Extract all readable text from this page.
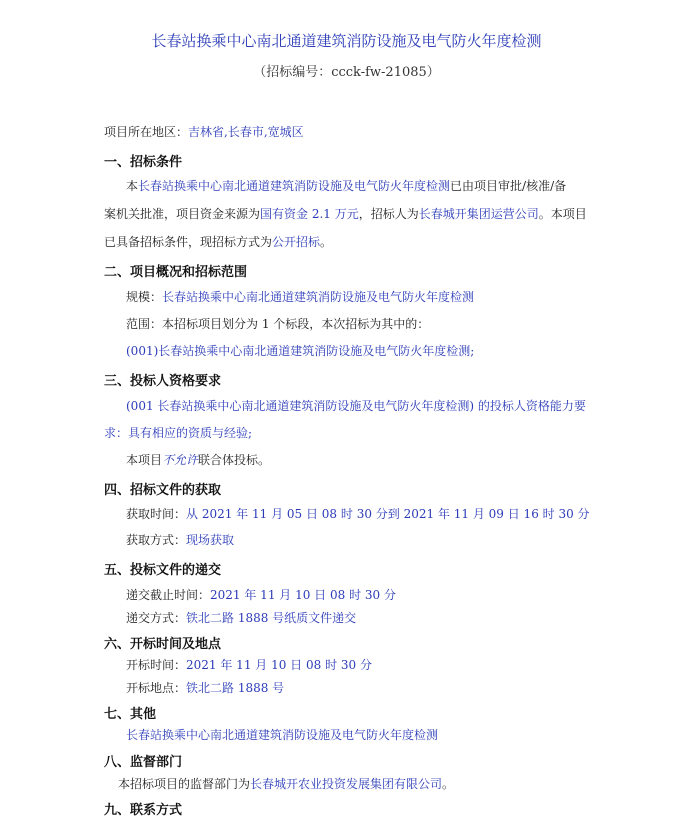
长春站换乘中心南北通道建筑消防设施及电气防火年度检测
（招标编号：ccck-fw-21085）
项目所在地区：吉林省,长春市,宽城区
一、招标条件
本长春站换乘中心南北通道建筑消防设施及电气防火年度检测已由项目审批/核准/备
案机关批准，项目资金来源为国有资金 2.1 万元，招标人为长春城开集团运营公司。本项目
已具备招标条件，现招标方式为公开招标。
二、项目概况和招标范围
规模：长春站换乘中心南北通道建筑消防设施及电气防火年度检测
范围：本招标项目划分为 1 个标段，本次招标为其中的：
(001)长春站换乘中心南北通道建筑消防设施及电气防火年度检测;
三、投标人资格要求
(001 长春站换乘中心南北通道建筑消防设施及电气防火年度检测) 的投标人资格能力要
求：具有相应的资质与经验;
本项目不允许联合体投标。
四、招标文件的获取
获取时间：从 2021 年 11 月 05 日 08 时 30 分到 2021 年 11 月 09 日 16 时 30 分
获取方式：现场获取
五、投标文件的递交
递交截止时间：2021 年 11 月 10 日 08 时 30 分
递交方式：铁北二路 1888 号纸质文件递交
六、开标时间及地点
开标时间：2021 年 11 月 10 日 08 时 30 分
开标地点：铁北二路 1888 号
七、其他
长春站换乘中心南北通道建筑消防设施及电气防火年度检测
八、监督部门
本招标项目的监督部门为长春城开农业投资发展集团有限公司。
九、联系方式
